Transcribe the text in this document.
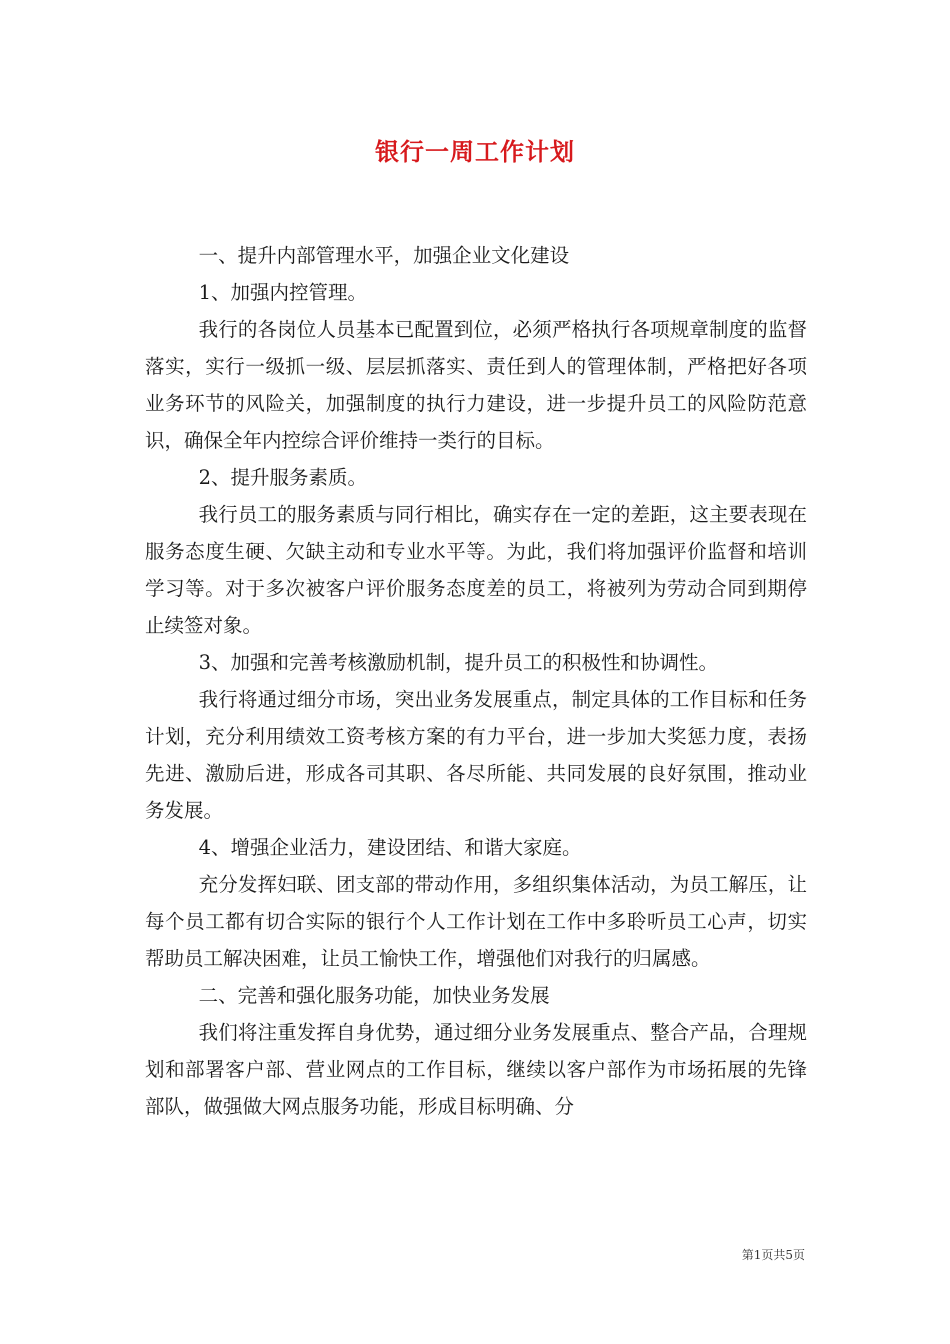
银行一周工作计划

一、提升内部管理水平，加强企业文化建设

1、加强内控管理。

我行的各岗位人员基本已配置到位，必须严格执行各项规章制度的监督落实，实行一级抓一级、层层抓落实、责任到人的管理体制，严格把好各项业务环节的风险关，加强制度的执行力建设，进一步提升员工的风险防范意识，确保全年内控综合评价维持一类行的目标。

2、提升服务素质。

我行员工的服务素质与同行相比，确实存在一定的差距，这主要表现在服务态度生硬、欠缺主动和专业水平等。为此，我们将加强评价监督和培训学习等。对于多次被客户评价服务态度差的员工，将被列为劳动合同到期停止续签对象。

3、加强和完善考核激励机制，提升员工的积极性和协调性。

我行将通过细分市场，突出业务发展重点，制定具体的工作目标和任务计划，充分利用绩效工资考核方案的有力平台，进一步加大奖惩力度，表扬先进、激励后进，形成各司其职、各尽所能、共同发展的良好氛围，推动业务发展。

4、增强企业活力，建设团结、和谐大家庭。

充分发挥妇联、团支部的带动作用，多组织集体活动，为员工解压，让每个员工都有切合实际的银行个人工作计划在工作中多聆听员工心声，切实帮助员工解决困难，让员工愉快工作，增强他们对我行的归属感。

二、完善和强化服务功能，加快业务发展

我们将注重发挥自身优势，通过细分业务发展重点、整合产品，合理规划和部署客户部、营业网点的工作目标，继续以客户部作为市场拓展的先锋部队，做强做大网点服务功能，形成目标明确、分

第1页共5页
